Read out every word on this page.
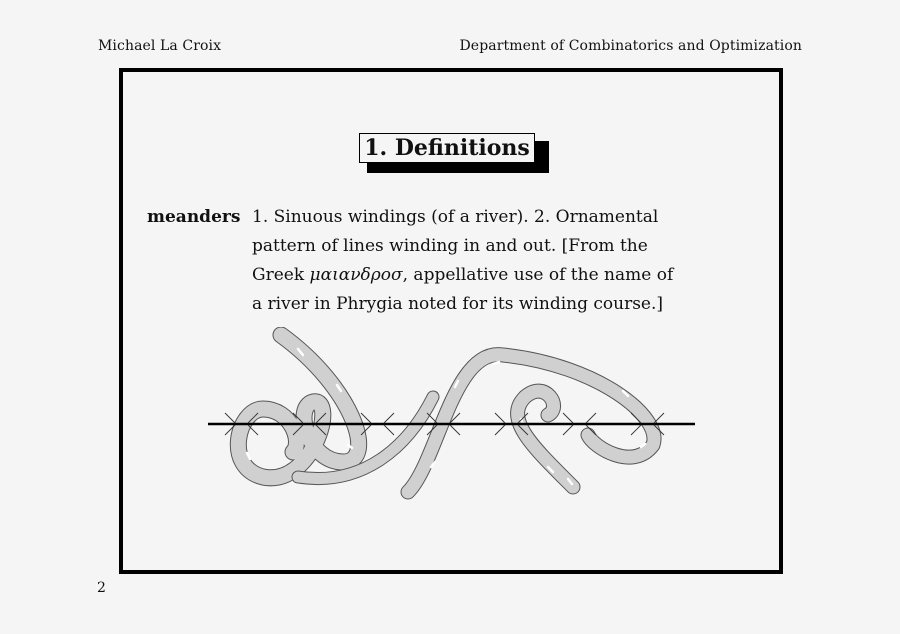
Michael La Croix	Department of Combinatorics and Optimization
1. Definitions
meanders 1. Sinuous windings (of a river). 2. Ornamental
pattern of lines winding in and out. [From the
Greek μαιανδροσ, appellative use of the name of
a river in Phrygia noted for its winding course.]
2
